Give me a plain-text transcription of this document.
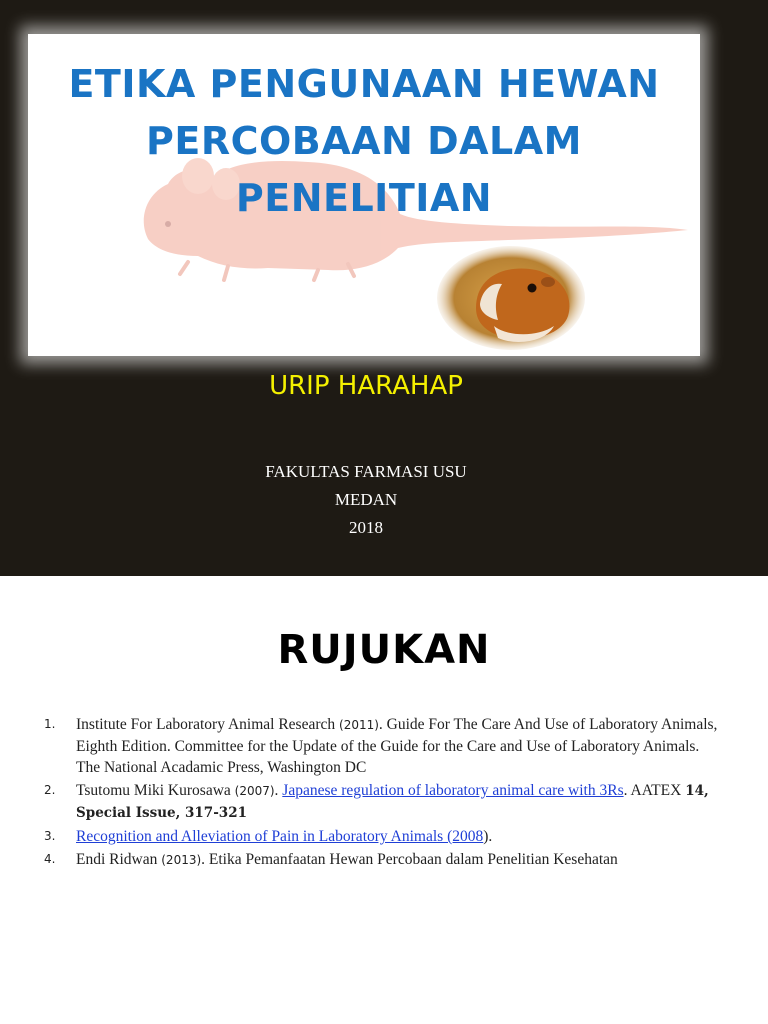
ETIKA PENGUNAAN HEWAN
PERCOBAAN DALAM
PENELITIAN
URIP HARAHAP
FAKULTAS FARMASI USU
MEDAN
2018
RUJUKAN
1. Institute For Laboratory Animal Research (2011). Guide For The Care And Use of Laboratory Animals, Eighth Edition. Committee for the Update of the Guide for the Care and Use of Laboratory Animals. The National Acadamic Press, Washington DC
2. Tsutomu Miki Kurosawa (2007). Japanese regulation of laboratory animal care with 3Rs. AATEX 14, Special Issue, 317-321
3. Recognition and Alleviation of Pain in Laboratory Animals (2008).
4. Endi Ridwan (2013). Etika Pemanfaatan Hewan Percobaan dalam Penelitian Kesehatan
